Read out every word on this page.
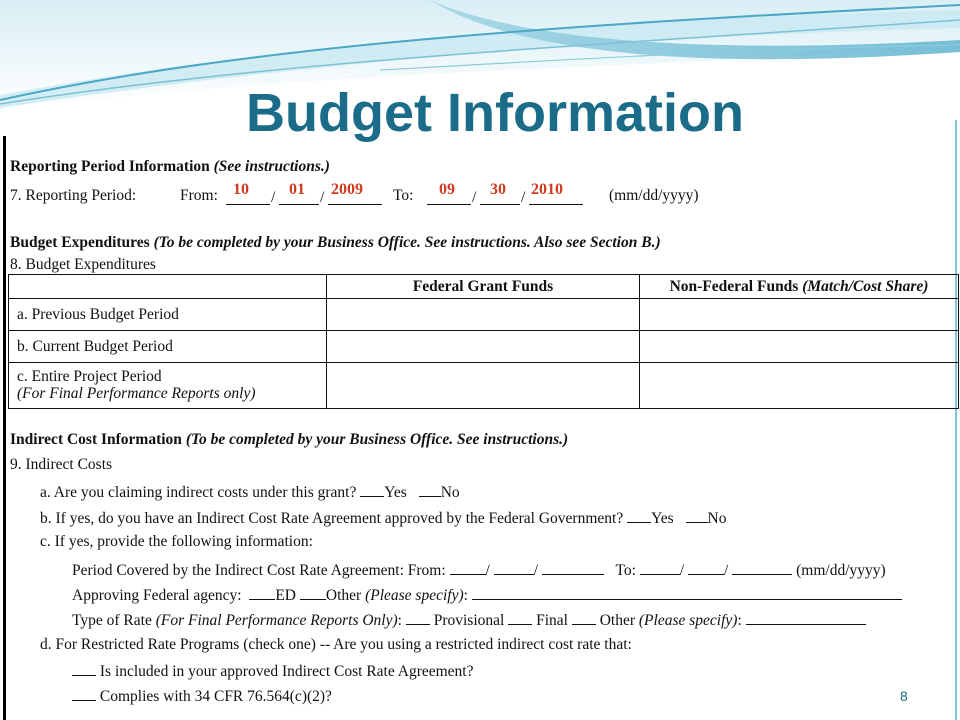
Budget Information
Reporting Period Information (See instructions.)
7. Reporting Period:	From:	/	/
10	01 2009 To:	/	/
09 30 2010	(mm/dd/yyyy)
Budget Expenditures (To be completed by your Business Office. See instructions. Also see Section B.)
8. Budget Expenditures
	Federal Grant Funds	Non-Federal Funds (Match/Cost Share)
a. Previous Budget Period		
b. Current Budget Period		

c. Entire Project Period
(For Final Performance Reports only)		

Indirect Cost Information (To be completed by your Business Office. See instructions.)
9. Indirect Costs
a. Are you claiming indirect costs under this grant? Yes No
b. If yes, do you have an Indirect Cost Rate Agreement approved by the Federal Government? Yes No
c. If yes, provide the following information:
Period Covered by the Indirect Cost Rate Agreement: From:	/	/	To:	/ /	(mm/dd/yyyy)
Approving Federal agency: ED Other (Please specify):
Type of Rate (For Final Performance Reports Only):  Provisional Final Other (Please specify):
d. For Restricted Rate Programs (check one) -- Are you using a restricted indirect cost rate that:
Is included in your approved Indirect Cost Rate Agreement?
Complies with 34 CFR 76.564(c)(2)?	8
